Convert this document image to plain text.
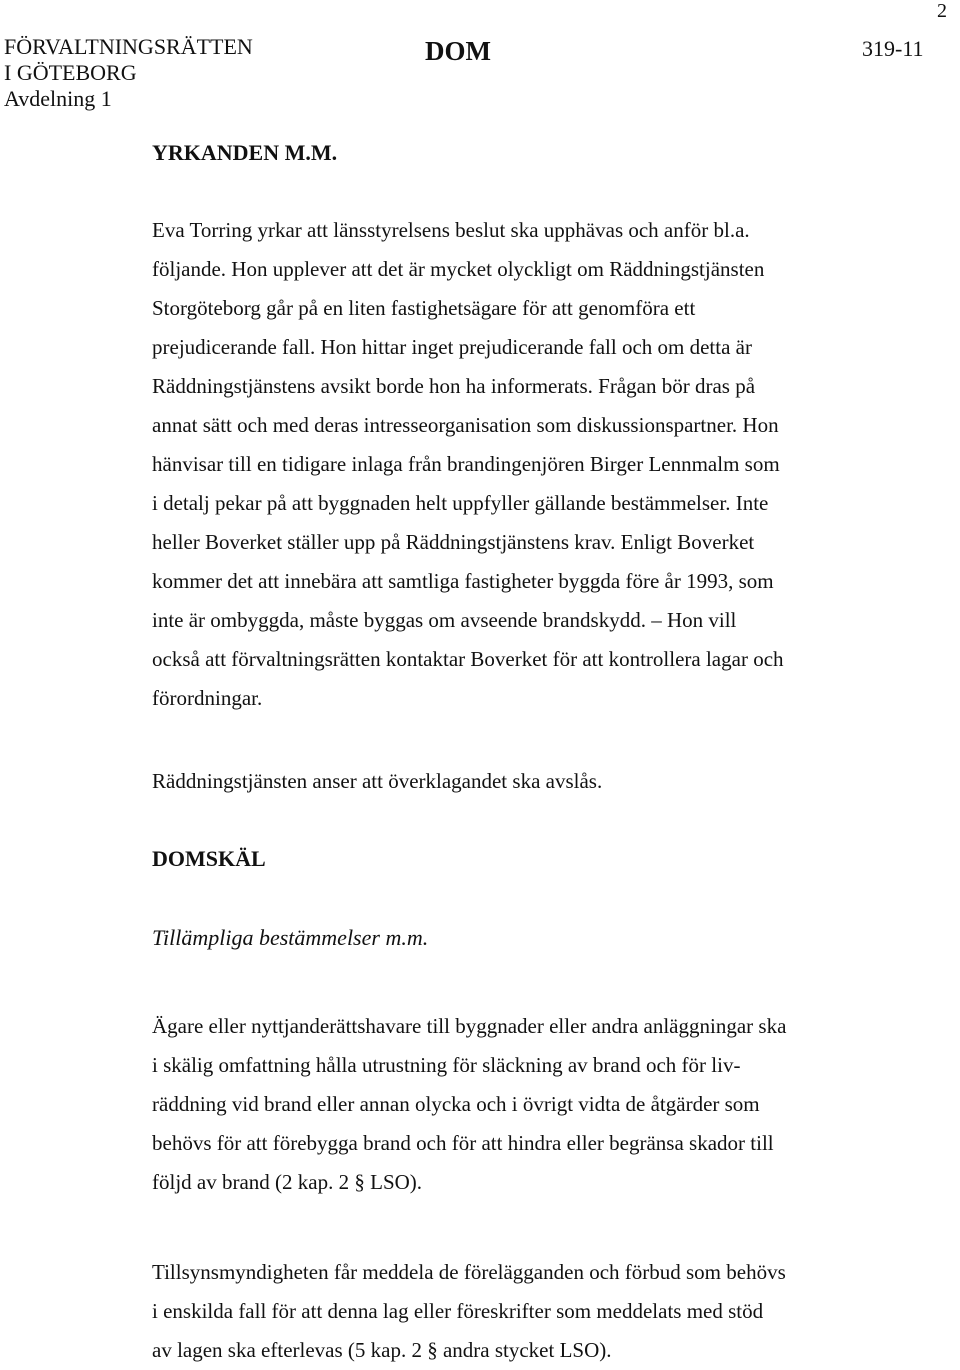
FÖRVALTNINGSRÄTTEN
I GÖTEBORG
Avdelning 1
DOM	319-11
2
YRKANDEN M.M.
Eva Torring yrkar att länsstyrelsens beslut ska upphävas och anför bl.a.
följande. Hon upplever att det är mycket olyckligt om Räddningstjänsten
Storgöteborg går på en liten fastighetsägare för att genomföra ett
prejudicerande fall. Hon hittar inget prejudicerande fall och om detta är
Räddningstjänstens avsikt borde hon ha informerats. Frågan bör dras på
annat sätt och med deras intresseorganisation som diskussionspartner. Hon
hänvisar till en tidigare inlaga från brandingenjören Birger Lennmalm som
i detalj pekar på att byggnaden helt uppfyller gällande bestämmelser. Inte
heller Boverket ställer upp på Räddningstjänstens krav. Enligt Boverket
kommer det att innebära att samtliga fastigheter byggda före år 1993, som
inte är ombyggda, måste byggas om avseende brandskydd. – Hon vill
också att förvaltningsrätten kontaktar Boverket för att kontrollera lagar och
förordningar.
Räddningstjänsten anser att överklagandet ska avslås.
DOMSKÄL
Tillämpliga bestämmelser m.m.
Ägare eller nyttjanderättshavare till byggnader eller andra anläggningar ska
i skälig omfattning hålla utrustning för släckning av brand och för liv-
räddning vid brand eller annan olycka och i övrigt vidta de åtgärder som
behövs för att förebygga brand och för att hindra eller begränsa skador till
följd av brand (2 kap. 2 § LSO).
Tillsynsmyndigheten får meddela de förelägganden och förbud som behövs
i enskilda fall för att denna lag eller föreskrifter som meddelats med stöd
av lagen ska efterlevas (5 kap. 2 § andra stycket LSO).
